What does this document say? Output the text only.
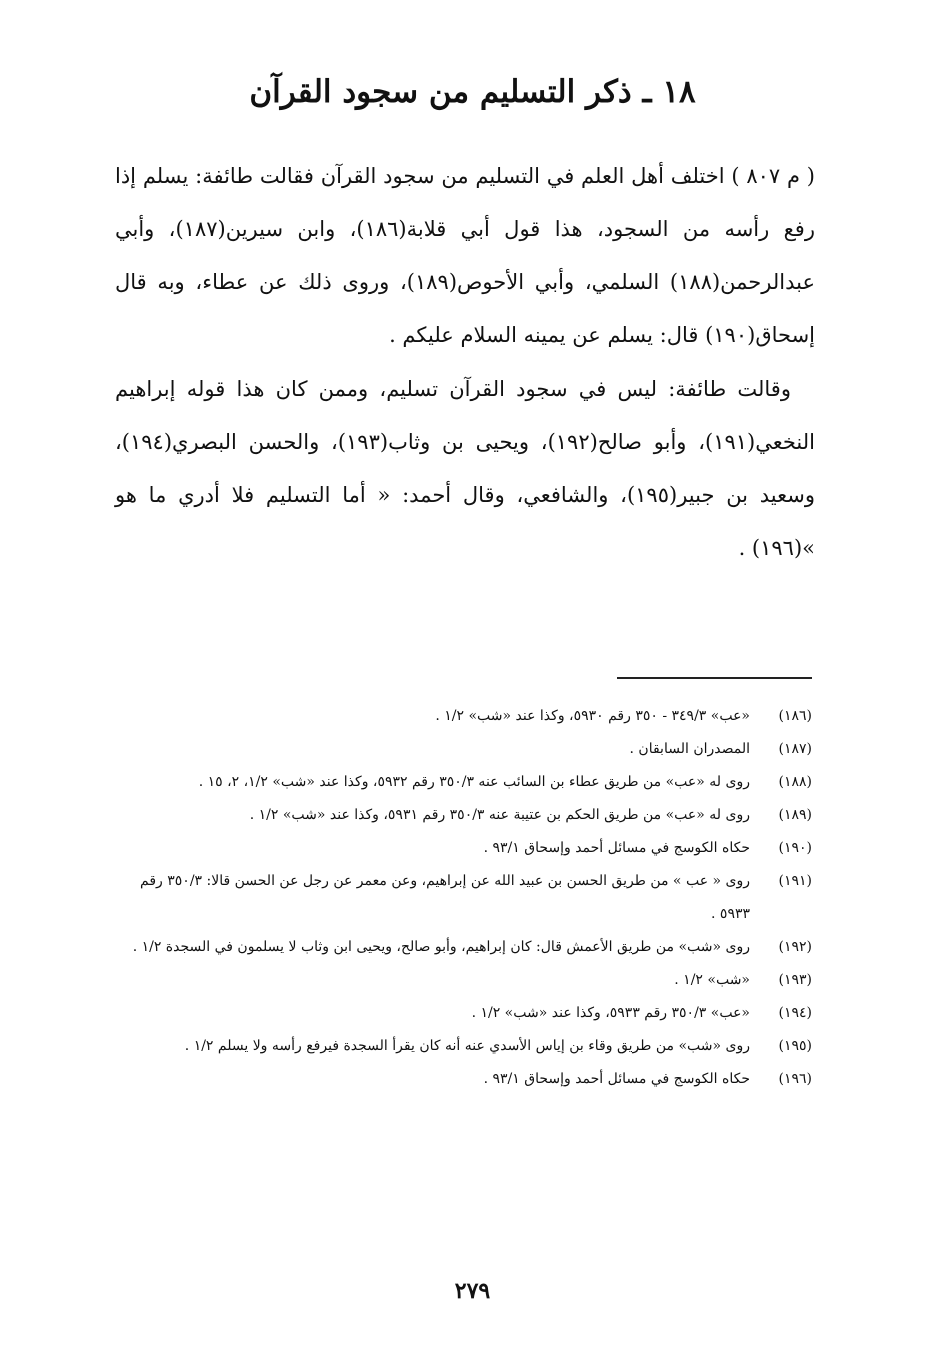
١٨ ـ ذكر التسليم من سجود القرآن

( م ٨٠٧ ) اختلف أهل العلم في التسليم من سجود القرآن فقالت طائفة: يسلم إذا رفع رأسه من السجود، هذا قول أبي قلابة(١٨٦)، وابن سيرين(١٨٧)، وأبي عبدالرحمن(١٨٨) السلمي، وأبي الأحوص(١٨٩)، وروى ذلك عن عطاء، وبه قال إسحاق(١٩٠) قال: يسلم عن يمينه السلام عليكم .

وقالت طائفة: ليس في سجود القرآن تسليم، وممن كان هذا قوله إبراهيم النخعي(١٩١)، وأبو صالح(١٩٢)، ويحيى بن وثاب(١٩٣)، والحسن البصري(١٩٤)، وسعيد بن جبير(١٩٥)، والشافعي، وقال أحمد: « أما التسليم فلا أدري ما هو »(١٩٦) .

(١٨٦)
«عب» ٣٤٩/٣ - ٣٥٠ رقم ٥٩٣٠، وكذا عند «شب» ١/٢ .
(١٨٧)
المصدران السابقان .
(١٨٨)
روى له «عب» من طريق عطاء بن السائب عنه ٣٥٠/٣ رقم ٥٩٣٢، وكذا عند «شب» ١/٢، ٢، ١٥ .
(١٨٩)
روى له «عب» من طريق الحكم بن عتيبة عنه ٣٥٠/٣ رقم ٥٩٣١، وكذا عند «شب» ١/٢ .
(١٩٠)
حكاه الكوسج في مسائل أحمد وإسحاق ٩٣/١ .
(١٩١)
روى « عب » من طريق الحسن بن عبيد الله عن إبراهيم، وعن معمر عن رجل عن الحسن قالا: ٣٥٠/٣ رقم ٥٩٣٣ .
(١٩٢)
روى «شب» من طريق الأعمش قال: كان إبراهيم، وأبو صالح، ويحيى ابن وثاب لا يسلمون في السجدة ١/٢ .
(١٩٣)
«شب» ١/٢ .
(١٩٤)
«عب» ٣٥٠/٣ رقم ٥٩٣٣، وكذا عند «شب» ١/٢ .
(١٩٥)
روى «شب» من طريق وقاء بن إياس الأسدي عنه أنه كان يقرأ السجدة فيرفع رأسه ولا يسلم ١/٢ .
(١٩٦)
حكاه الكوسج في مسائل أحمد وإسحاق ٩٣/١ .
٢٧٩
